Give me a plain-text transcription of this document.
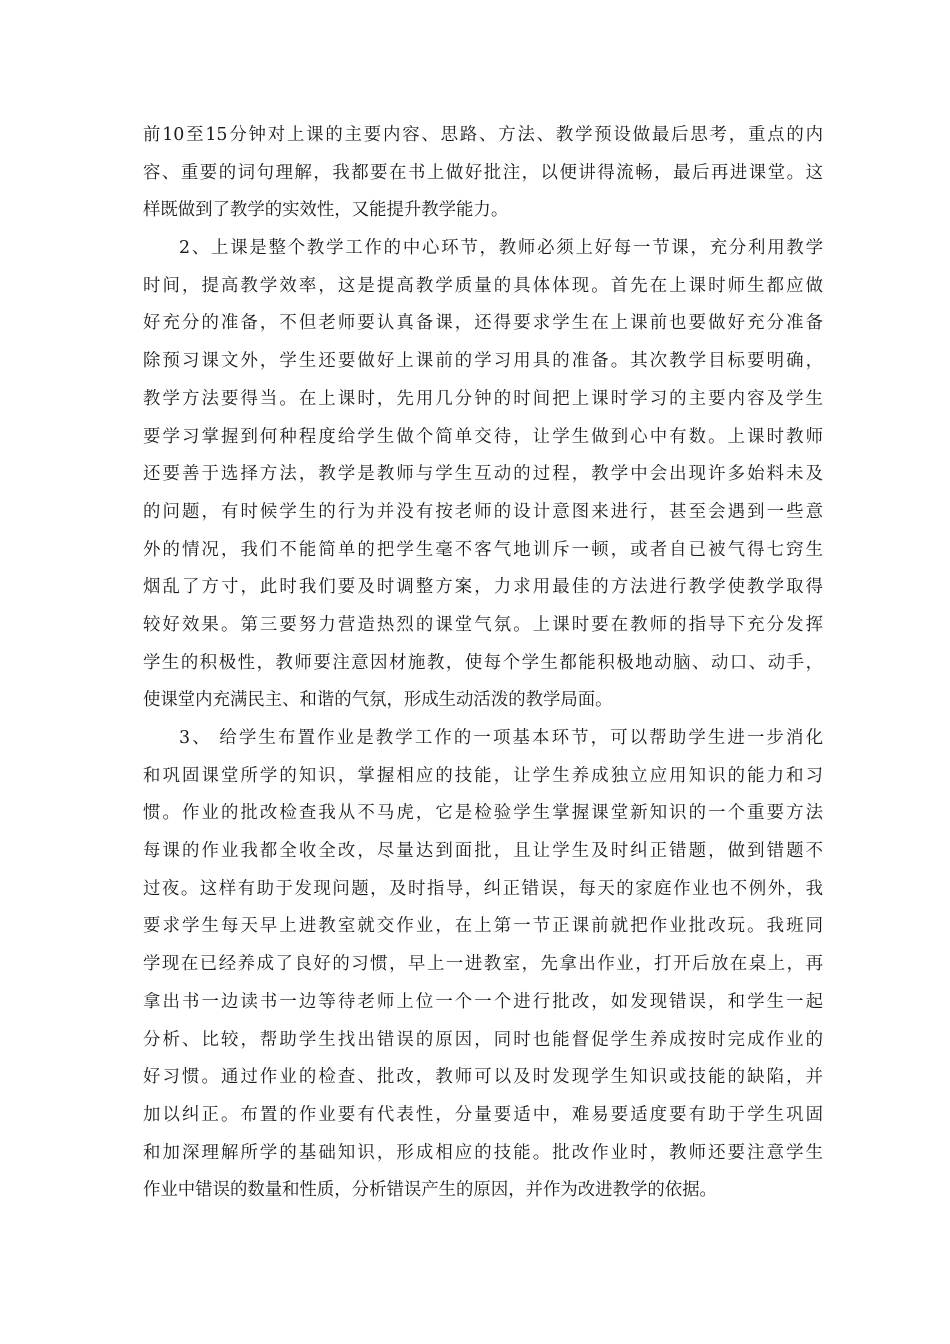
前10至15分钟对上课的主要内容、思路、方法、教学预设做最后思考，重点的内
容、重要的词句理解，我都要在书上做好批注，以便讲得流畅，最后再进课堂。这
样既做到了教学的实效性，又能提升教学能力。
2、上课是整个教学工作的中心环节，教师必须上好每一节课，充分利用教学
时间，提高教学效率，这是提高教学质量的具体体现。首先在上课时师生都应做
好充分的准备，不但老师要认真备课，还得要求学生在上课前也要做好充分准备
除预习课文外，学生还要做好上课前的学习用具的准备。其次教学目标要明确，
教学方法要得当。在上课时，先用几分钟的时间把上课时学习的主要内容及学生
要学习掌握到何种程度给学生做个简单交待，让学生做到心中有数。上课时教师
还要善于选择方法，教学是教师与学生互动的过程，教学中会出现许多始料未及
的问题，有时候学生的行为并没有按老师的设计意图来进行，甚至会遇到一些意
外的情况，我们不能简单的把学生毫不客气地训斥一顿，或者自已被气得七窍生
烟乱了方寸，此时我们要及时调整方案，力求用最佳的方法进行教学使教学取得
较好效果。第三要努力营造热烈的课堂气氛。上课时要在教师的指导下充分发挥
学生的积极性，教师要注意因材施教，使每个学生都能积极地动脑、动口、动手，
使课堂内充满民主、和谐的气氛，形成生动活泼的教学局面。
3、 给学生布置作业是教学工作的一项基本环节，可以帮助学生进一步消化
和巩固课堂所学的知识，掌握相应的技能，让学生养成独立应用知识的能力和习
惯。作业的批改检查我从不马虎，它是检验学生掌握课堂新知识的一个重要方法
每课的作业我都全收全改，尽量达到面批，且让学生及时纠正错题，做到错题不
过夜。这样有助于发现问题，及时指导，纠正错误，每天的家庭作业也不例外，我
要求学生每天早上进教室就交作业，在上第一节正课前就把作业批改玩。我班同
学现在已经养成了良好的习惯，早上一进教室，先拿出作业，打开后放在桌上，再
拿出书一边读书一边等待老师上位一个一个进行批改，如发现错误，和学生一起
分析、比较，帮助学生找出错误的原因，同时也能督促学生养成按时完成作业的
好习惯。通过作业的检查、批改，教师可以及时发现学生知识或技能的缺陷，并
加以纠正。布置的作业要有代表性，分量要适中，难易要适度要有助于学生巩固
和加深理解所学的基础知识，形成相应的技能。批改作业时，教师还要注意学生
作业中错误的数量和性质，分析错误产生的原因，并作为改进教学的依据。
